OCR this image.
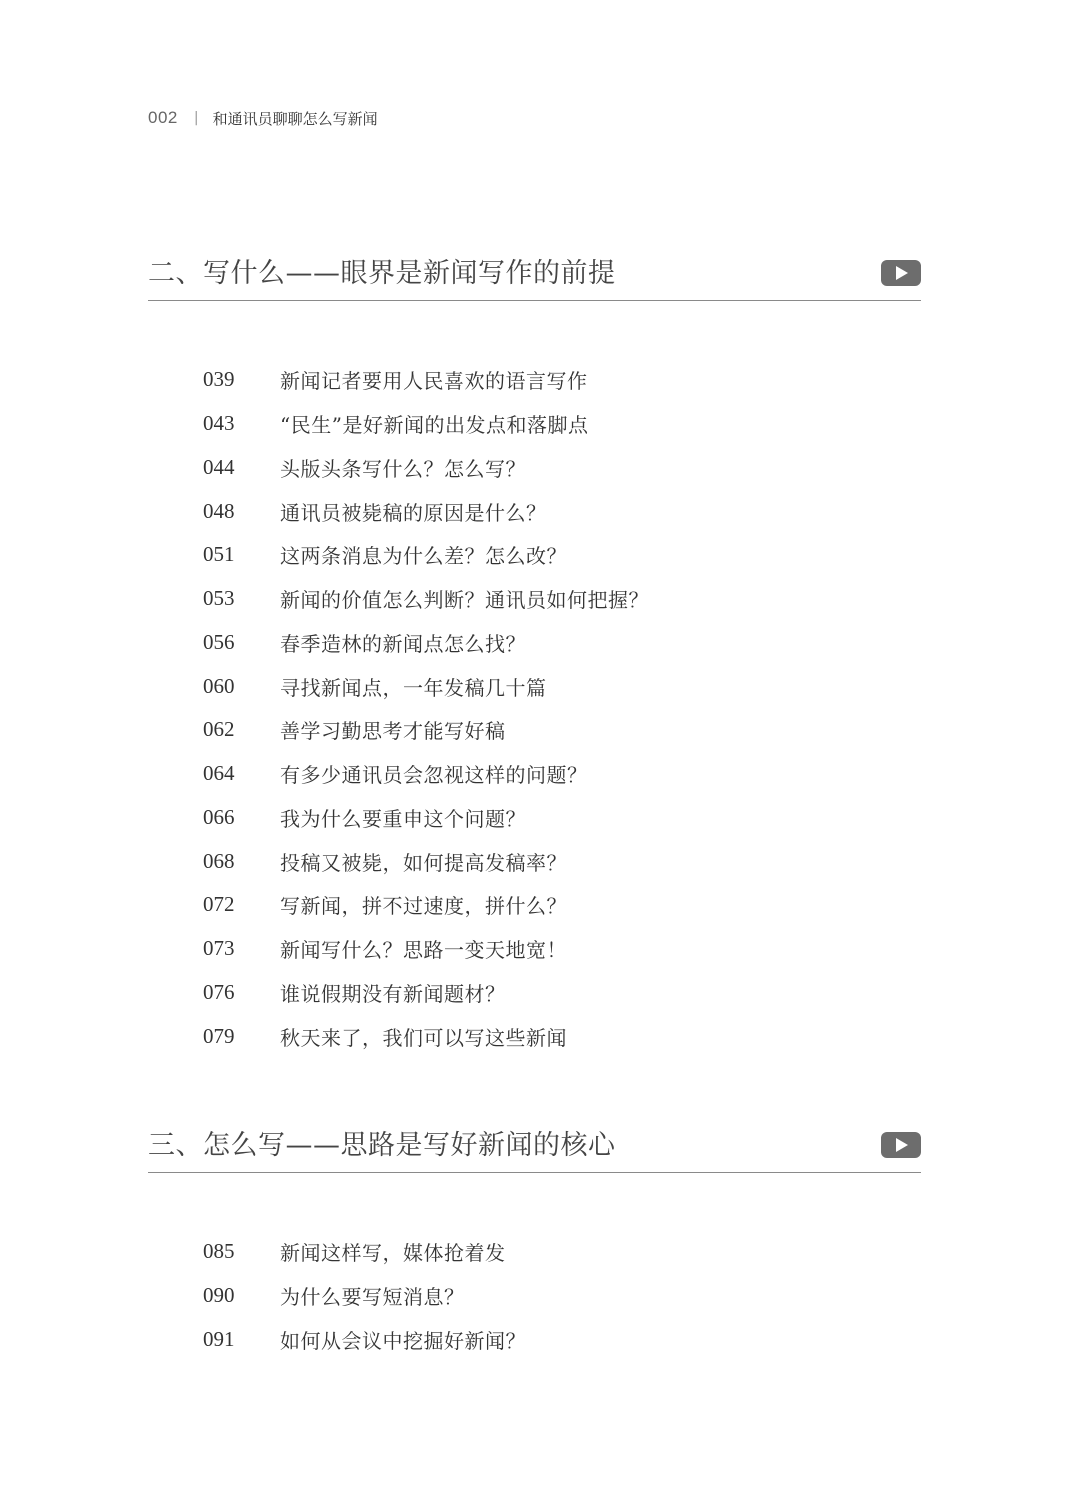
002 | 和通讯员聊聊怎么写新闻
二、写什么——眼界是新闻写作的前提
039	新闻记者要用人民喜欢的语言写作
043	“民生”是好新闻的出发点和落脚点
044	头版头条写什么？怎么写？
048	通讯员被毙稿的原因是什么？
051	这两条消息为什么差？怎么改？
053	新闻的价值怎么判断？通讯员如何把握？
056	春季造林的新闻点怎么找？
060	寻找新闻点，一年发稿几十篇
062	善学习勤思考才能写好稿
064	有多少通讯员会忽视这样的问题？
066	我为什么要重申这个问题？
068	投稿又被毙，如何提高发稿率？
072	写新闻，拼不过速度，拼什么？
073	新闻写什么？思路一变天地宽！
076	谁说假期没有新闻题材？
079	秋天来了，我们可以写这些新闻
三、怎么写——思路是写好新闻的核心
085	新闻这样写，媒体抢着发
090	为什么要写短消息？
091	如何从会议中挖掘好新闻？
